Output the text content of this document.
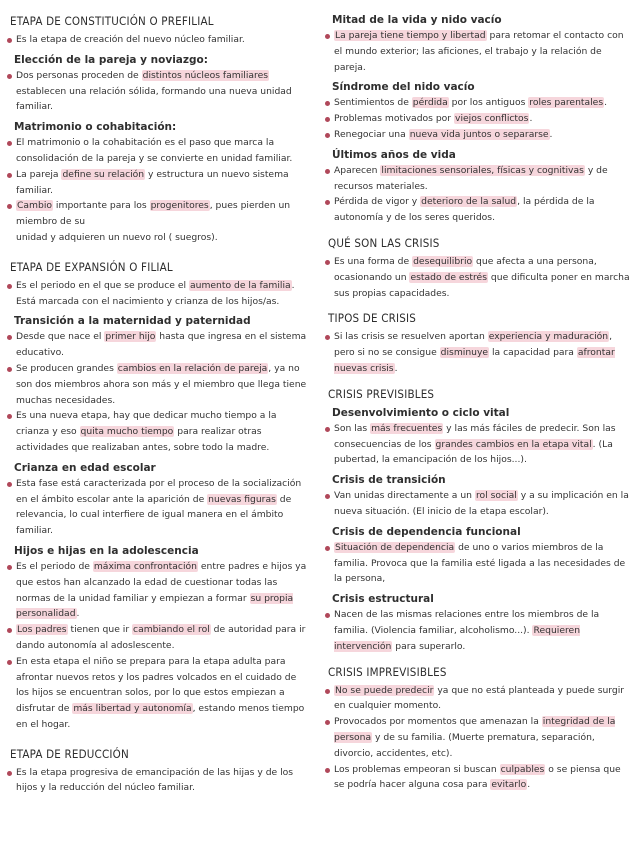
ETAPA DE CONSTITUCIÓN O PREFILIAL

Es la etapa de creación del nuevo núcleo familiar.

Elección de la pareja y noviazgo:

Dos personas proceden de distintos núcleos familiares establecen una relación sólida, formando una nueva unidad familiar.

Matrimonio o cohabitación:

El matrimonio o la cohabitación es el paso que marca la consolidación de la pareja y se convierte en unidad familiar.

La pareja define su relación y estructura un nuevo sistema familiar.

Cambio importante para los progenitores, pues pierden un miembro de su
unidad y adquieren un nuevo rol ( suegros).

ETAPA DE EXPANSIÓN O FILIAL

Es el periodo en el que se produce el aumento de la familia. Está marcada con el nacimiento y crianza de los hijos/as.

Transición a la maternidad y paternidad

Desde que nace el primer hijo hasta que ingresa en el sistema educativo.

Se producen grandes cambios en la relación de pareja, ya no son dos miembros ahora son más y el miembro que llega tiene muchas necesidades.

Es una nueva etapa, hay que dedicar mucho tiempo a la crianza y eso quita mucho tiempo para realizar otras actividades que realizaban antes, sobre todo la madre.

Crianza en edad escolar

Esta fase está caracterizada por el proceso de la socialización en el ámbito escolar ante la aparición de nuevas figuras de relevancia, lo cual interfiere de igual manera en el ámbito familiar.

Hijos e hijas en la adolescencia

Es el periodo de máxima confrontación entre padres e hijos ya que estos han alcanzado la edad de cuestionar todas las normas de la unidad familiar y empiezan a formar su propia personalidad.

Los padres tienen que ir cambiando el rol de autoridad para ir dando autonomía al adoslescente.

En esta etapa el niño se prepara para la etapa adulta para afrontar nuevos retos y los padres volcados en el cuidado de los hijos se encuentran solos, por lo que estos empiezan a disfrutar de más libertad y autonomía, estando menos tiempo en el hogar.

ETAPA DE REDUCCIÓN

Es la etapa progresiva de emancipación de las hijas y de los hijos y la reducción del núcleo familiar.

Mitad de la vida y nido vacío

La pareja tiene tiempo y libertad para retomar el contacto con el mundo exterior; las aficiones, el trabajo y la relación de pareja.

Síndrome del nido vacío

Sentimientos de pérdida por los antiguos roles parentales.

Problemas motivados por viejos conflictos.

Renegociar una nueva vida juntos o separarse.

Últimos años de vida

Aparecen limitaciones sensoriales, físicas y cognitivas y de recursos materiales.

Pérdida de vigor y deterioro de la salud, la pérdida de la autonomía y de los seres queridos.

QUÉ SON LAS CRISIS

Es una forma de desequilibrio que afecta a una persona, ocasionando un estado de estrés que dificulta poner en marcha sus propias capacidades.

TIPOS DE CRISIS

Si las crisis se resuelven aportan experiencia y maduración, pero si no se consigue disminuye la capacidad para afrontar nuevas crisis.

CRISIS PREVISIBLES
Desenvolvimiento o ciclo vital

Son las más frecuentes y las más fáciles de predecir. Son las consecuencias de los grandes cambios en la etapa vital. (La pubertad, la emancipación de los hijos...).

Crisis de transición

Van unidas directamente a un rol social y a su implicación en la nueva situación. (El inicio de la etapa escolar).

Crisis de dependencia funcional

Situación de dependencia de uno o varios miembros de la familia. Provoca que la familia esté ligada a las necesidades de la persona,

Crisis estructural

Nacen de las mismas relaciones entre los miembros de la familia. (Violencia familiar, alcoholismo...). Requieren intervención para superarlo.

CRISIS IMPREVISIBLES

No se puede predecir ya que no está planteada y puede surgir en cualquier momento.

Provocados por momentos que amenazan la integridad de la persona y de su familia. (Muerte prematura, separación, divorcio, accidentes, etc).

Los problemas empeoran si buscan culpables o se piensa que se podría hacer alguna cosa para evitarlo.
